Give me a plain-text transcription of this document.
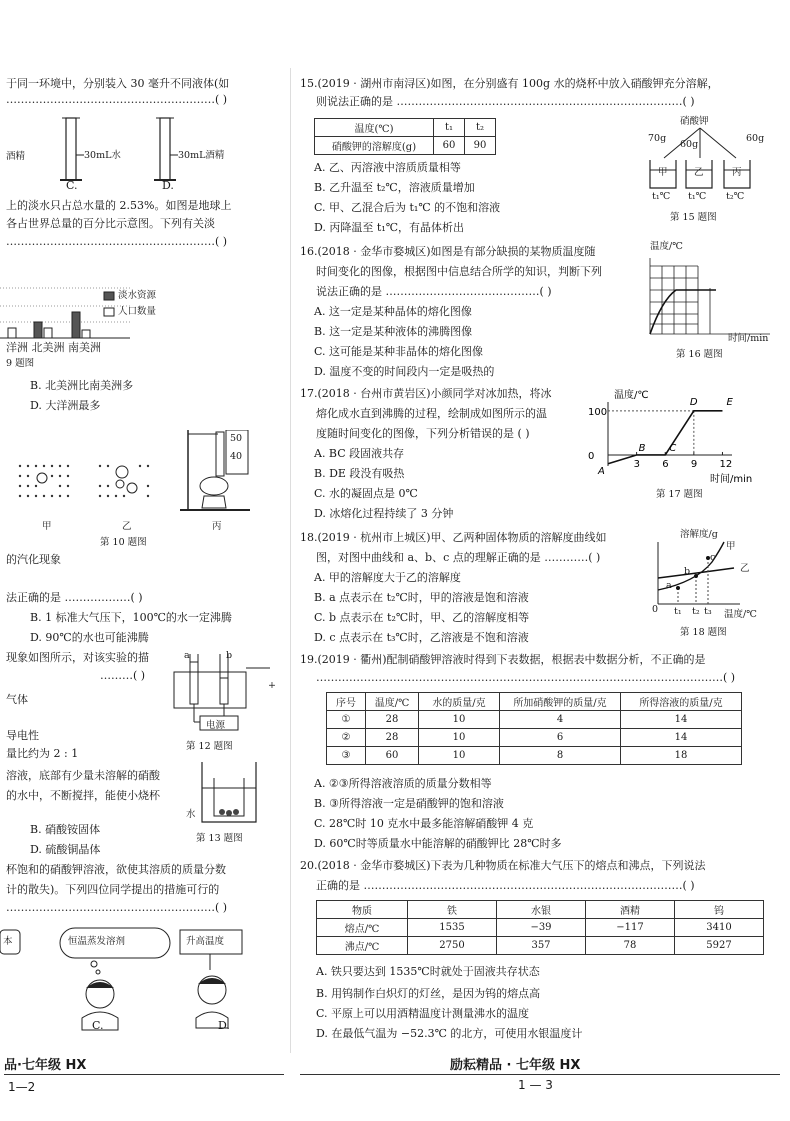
于同一环境中，分别装入 30 毫升不同液体(如
…………………………………………………( )
酒精	30mL水	30mL酒精
C.	D.
上的淡水只占总水量的 2.53%。如图是地球上
各占世界总量的百分比示意图。下列有关淡
…………………………………………………( )
淡水资源
人口数量
洋洲 北美洲 南美洲
9 题图
B. 北美洲比南美洲多
D. 大洋洲最多
50
40
甲	乙	丙
第 10 题图
的汽化现象
法正确的是 ………………( )
B. 1 标准大气压下，100℃的水一定沸腾
D. 90℃的水也可能沸腾
现象如图所示，对该实验的描
………( )
a	b
电源
+
第 12 题图
气体
导电性
量比约为 2 : 1
溶液，底部有少量未溶解的硝酸
的水中，不断搅拌，能使小烧杯
水
第 13 题图
B. 硝酸铵固体
D. 硫酸铜晶体
杯饱和的硝酸钾溶液，欲使其溶质的质量分数
计的散失)。下列四位同学提出的措施可行的
…………………………………………………( )
本	恒温蒸发溶剂	升高温度
C.	D.
品·七年级 HX
1—2
15.(2019 · 湖州市南浔区)如图，在分别盛有 100g 水的烧杯中放入硝酸钾充分溶解，
则说法正确的是 ……………………………………………………………………( )
温度(℃)	t₁	t₂
硝酸钾的溶解度(g)	60	90
A. 乙、丙溶液中溶质质量相等
B. 乙升温至 t₂℃，溶液质量增加
C. 甲、乙混合后为 t₁℃ 的不饱和溶液
D. 丙降温至 t₁℃，有晶体析出
硝酸钾
70g
60g
60g
甲	乙	丙
t₁℃ t₁℃ t₂℃
第 15 题图
16.(2018 · 金华市婺城区)如图是有部分缺损的某物质温度随
时间变化的图像，根据图中信息结合所学的知识，判断下列
说法正确的是 ……………………………………( )
A. 这一定是某种晶体的熔化图像
B. 这一定是某种液体的沸腾图像
C. 这可能是某种非晶体的熔化图像
D. 温度不变的时间段内一定是吸热的
温度/℃
时间/min
第 16 题图
17.(2018 · 台州市黄岩区)小颜同学对冰加热，将冰
熔化成水直到沸腾的过程，绘制成如图所示的温
度随时间变化的图像，下列分析错误的是 ( )
A. BC 段固液共存
B. DE 段没有吸热
C. 水的凝固点是 0℃
D. 冰熔化过程持续了 3 分钟
温度/℃
时间/min
3 6 9 12
0
100
A
B C
D	E
第 17 题图
18.(2019 · 杭州市上城区)甲、乙两种固体物质的溶解度曲线如
图，对图中曲线和 a、b、c 点的理解正确的是 …………( )
A. 甲的溶解度大于乙的溶解度
B. a 点表示在 t₂℃时，甲的溶液是饱和溶液
C. b 点表示在 t₂℃时，甲、乙的溶解度相等
D. c 点表示在 t₃℃时，乙溶液是不饱和溶液
溶解度/g
甲
乙
c
b
a
0 t₁ t₂ t₃ 温度/℃
第 18 题图
19.(2019 · 衢州)配制硝酸钾溶液时得到下表数据，根据表中数据分析，不正确的是
…………………………………………………………………………………………………( )
序号	温度/℃	水的质量/克	所加硝酸钾的质量/克	所得溶液的质量/克
①	28	10	4	14
②	28	10	6	14
③	60	10	8	18
A. ②③所得溶液溶质的质量分数相等
B. ③所得溶液一定是硝酸钾的饱和溶液
C. 28℃时 10 克水中最多能溶解硝酸钾 4 克
D. 60℃时等质量水中能溶解的硝酸钾比 28℃时多
20.(2018 · 金华市婺城区)下表为几种物质在标准大气压下的熔点和沸点，下列说法
正确的是 ……………………………………………………………………………( )
物质	铁	水银	酒精	钨
熔点/℃	1535	−39	−117	3410
沸点/℃	2750	357	78	5927
A. 铁只要达到 1535℃时就处于固液共存状态
B. 用钨制作白炽灯的灯丝，是因为钨的熔点高
C. 平原上可以用酒精温度计测量沸水的温度
D. 在最低气温为 −52.3℃ 的北方，可使用水银温度计
励耘精品 · 七年级 HX
1 — 3
